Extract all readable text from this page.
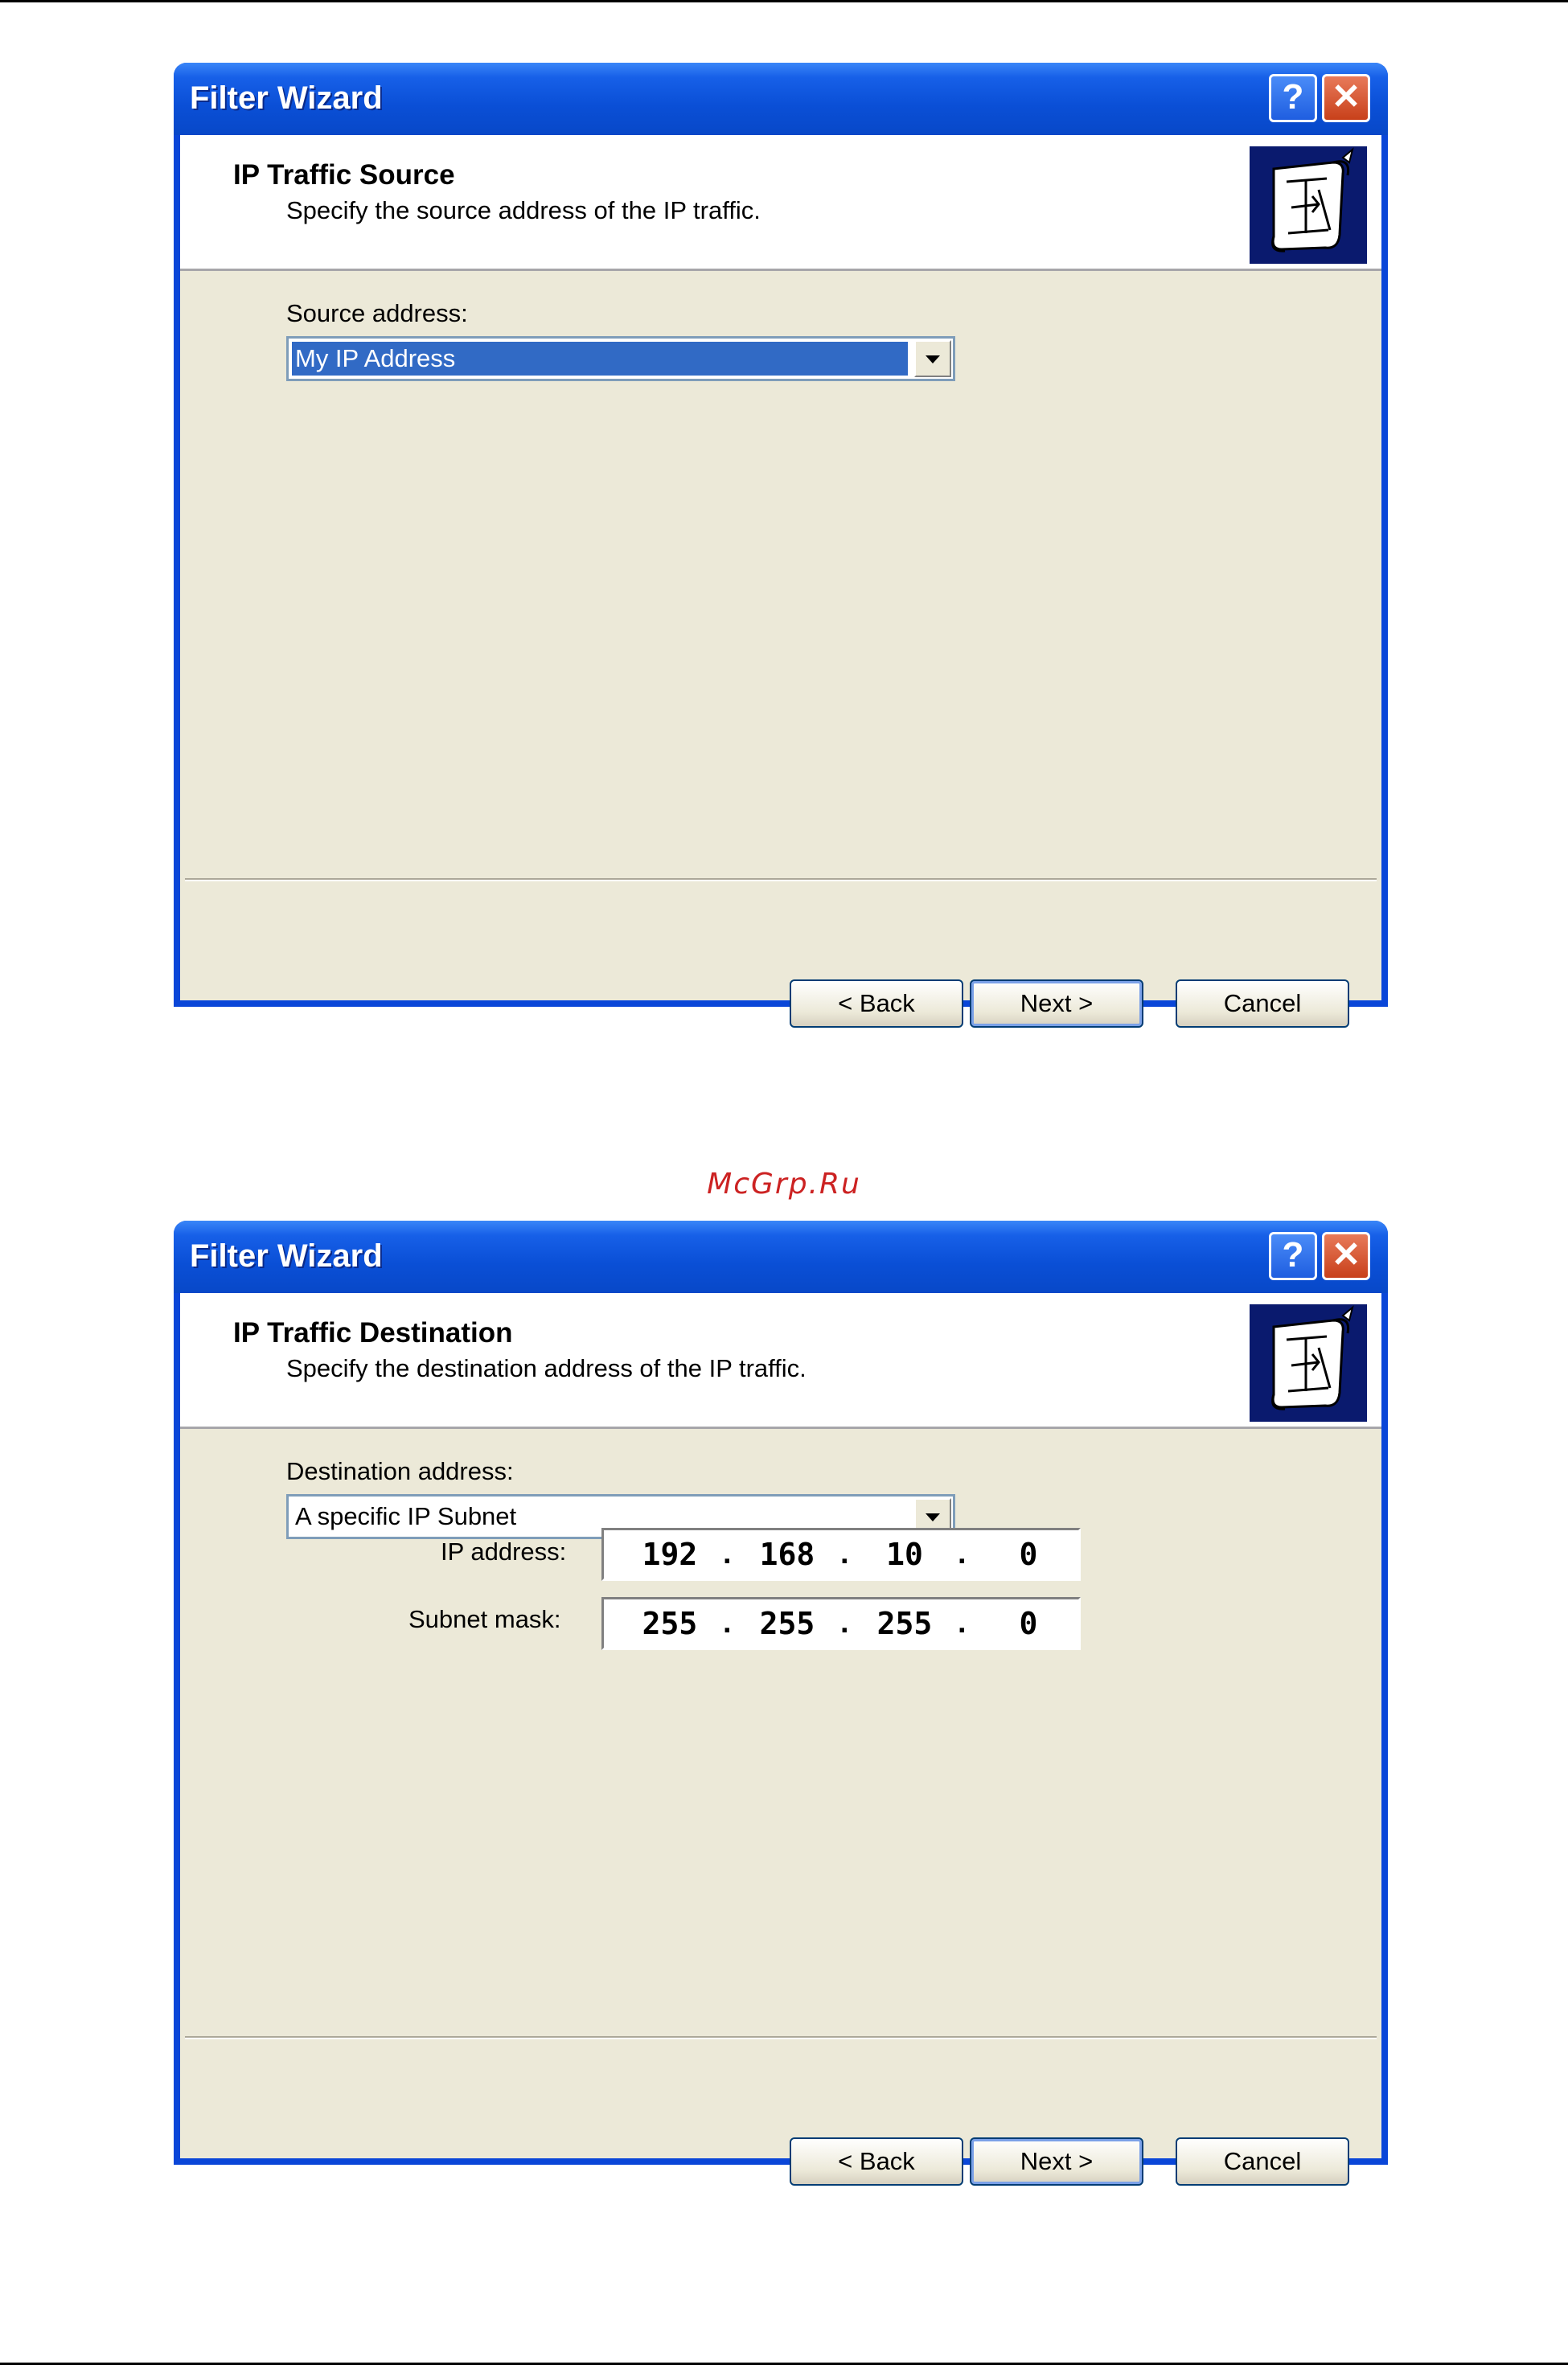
Filter Wizard	? ✕
IP Traffic Source
Specify the source address of the IP traffic.
Source address:
My IP Address
< Back	Next >	Cancel
McGrp.Ru
Filter Wizard	? ✕
IP Traffic Destination
Specify the destination address of the IP traffic.
Destination address:
A specific IP Subnet
IP address: 192 . 168 .	10	.	0
Subnet mask:	255 . 255 . 255 .	0
< Back	Next >	Cancel
